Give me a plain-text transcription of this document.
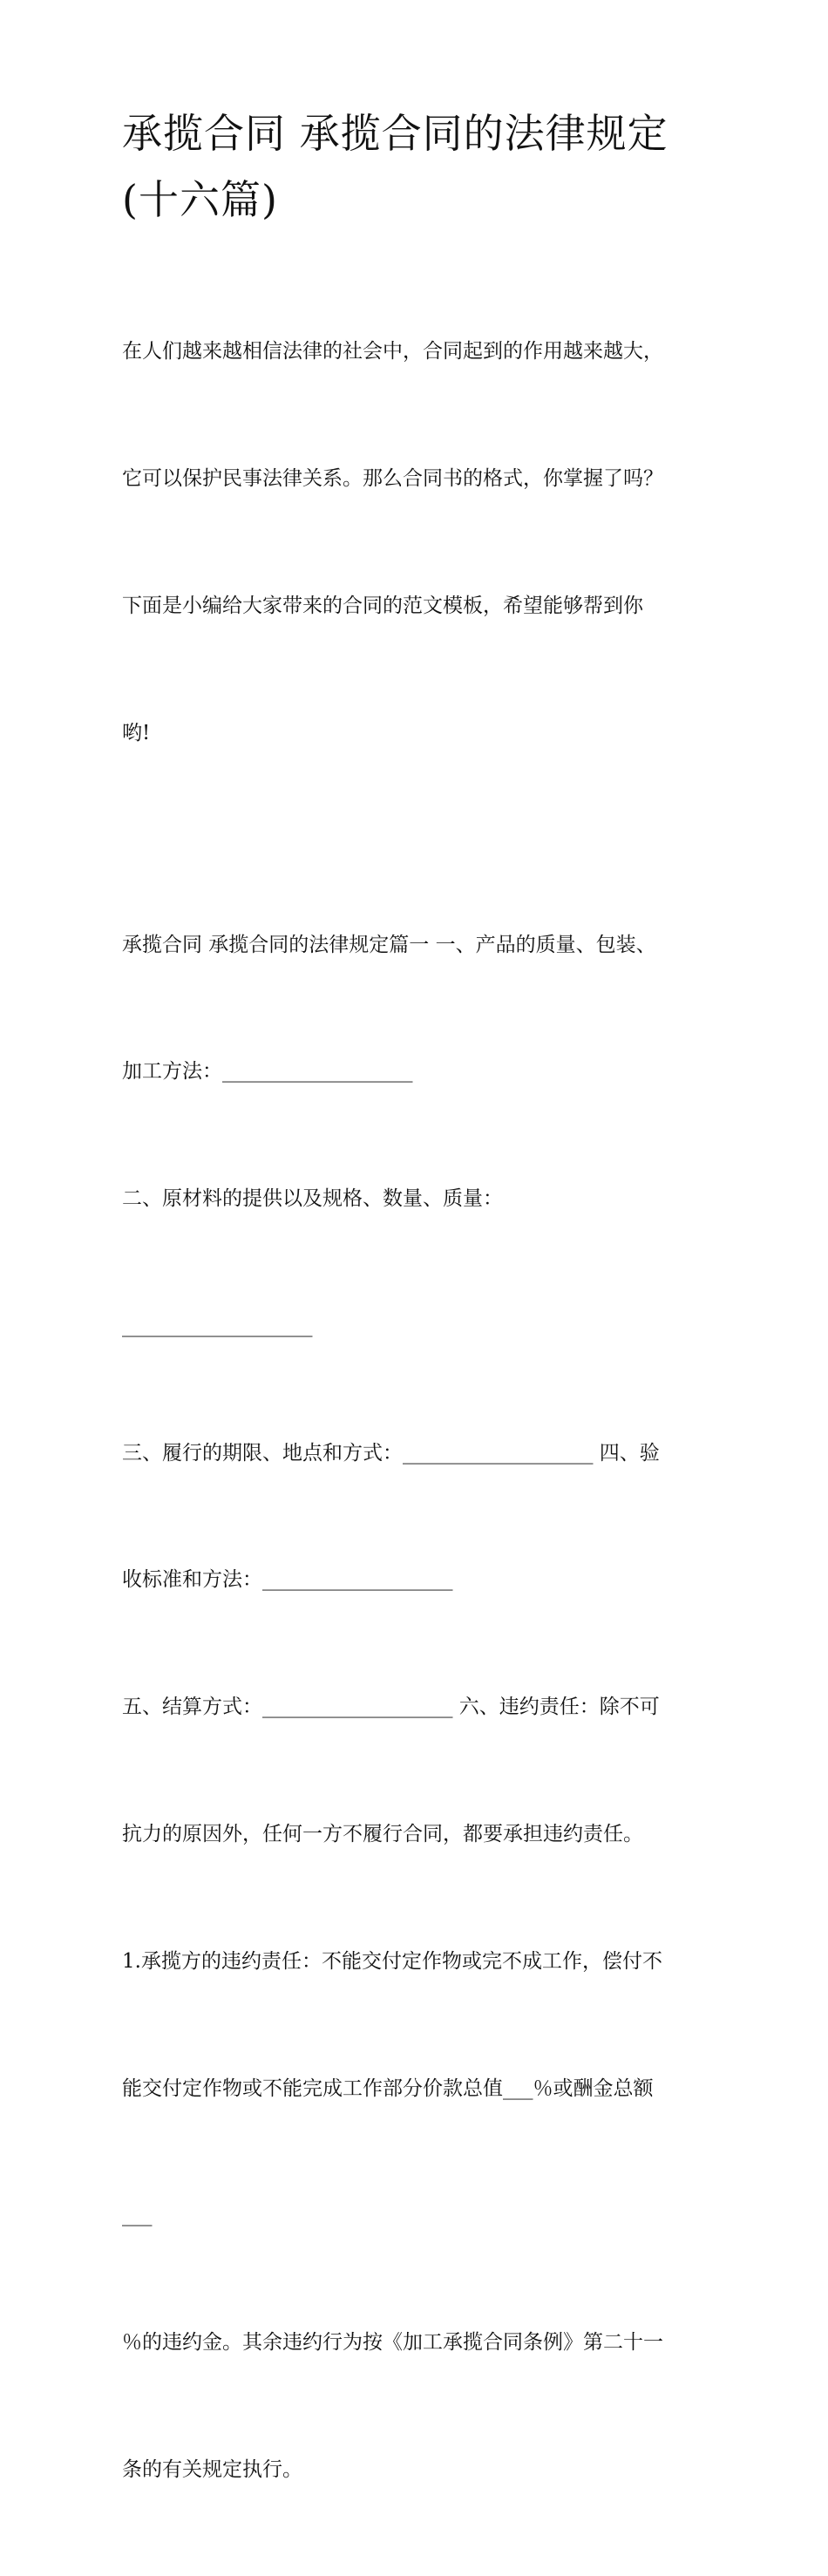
承揽合同 承揽合同的法律规定
(十六篇)

在人们越来越相信法律的社会中，合同起到的作用越来越大，

它可以保护民事法律关系。那么合同书的格式，你掌握了吗？

下面是小编给大家带来的合同的范文模板，希望能够帮到你

哟!

承揽合同 承揽合同的法律规定篇一 一、产品的质量、包装、

加工方法：___________________

二、原材料的提供以及规格、数量、质量：

___________________

三、履行的期限、地点和方式：___________________ 四、验

收标准和方法：___________________

五、结算方式：___________________ 六、违约责任：除不可

抗力的原因外，任何一方不履行合同，都要承担违约责任。

1.承揽方的违约责任：不能交付定作物或完不成工作，偿付不

能交付定作物或不能完成工作部分价款总值___％或酬金总额

___

％的违约金。其余违约行为按《加工承揽合同条例》第二十一

条的有关规定执行。
